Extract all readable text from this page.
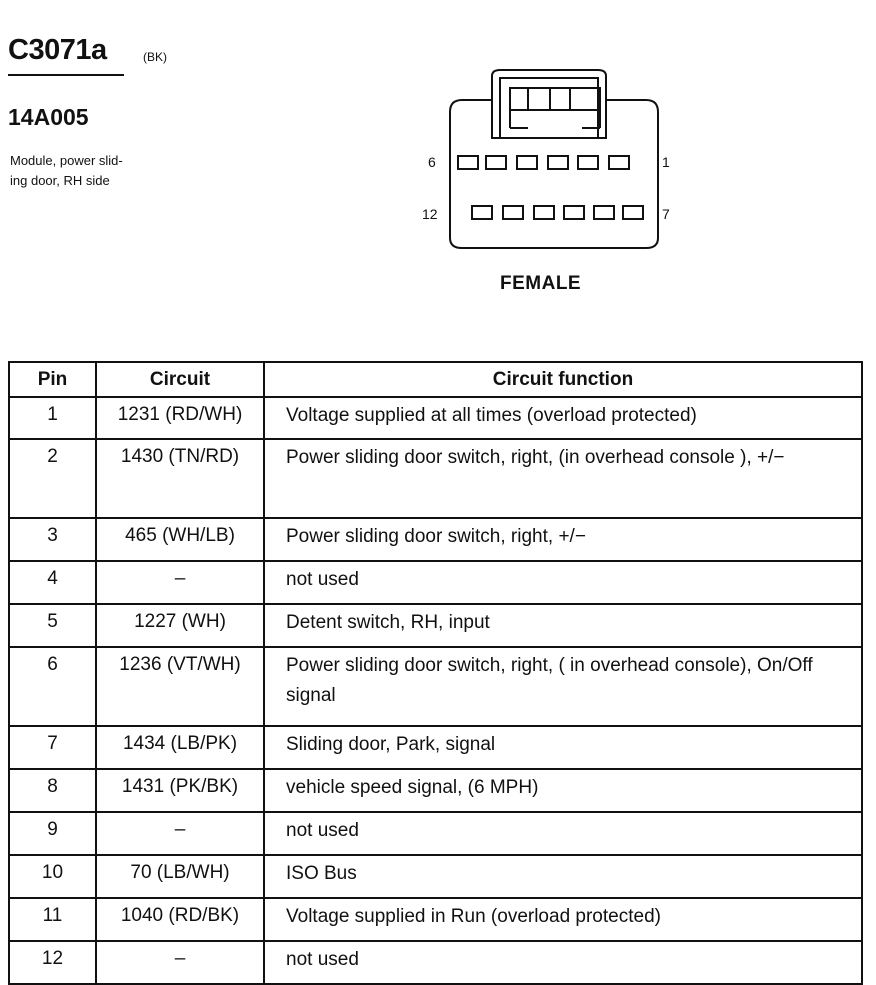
C3071a	(BK)
14A005
Module, power slid-
ing door, RH side
6	1
12	7
FEMALE
Pin	Circuit	Circuit function
1	1231 (RD/WH)	Voltage supplied at all times (overload protected)
2	1430 (TN/RD)	Power sliding door switch, right, (in overhead console ), +/−
3	465 (WH/LB)	Power sliding door switch, right, +/−
4	–	not used
5	1227 (WH)	Detent switch, RH, input
6	1236 (VT/WH)	Power sliding door switch, right, ( in overhead console), On/Off signal
7	1434 (LB/PK)	Sliding door, Park, signal
8	1431 (PK/BK)	vehicle speed signal, (6 MPH)
9	–	not used
10	70 (LB/WH)	ISO Bus
11	1040 (RD/BK)	Voltage supplied in Run (overload protected)
12	–	not used
